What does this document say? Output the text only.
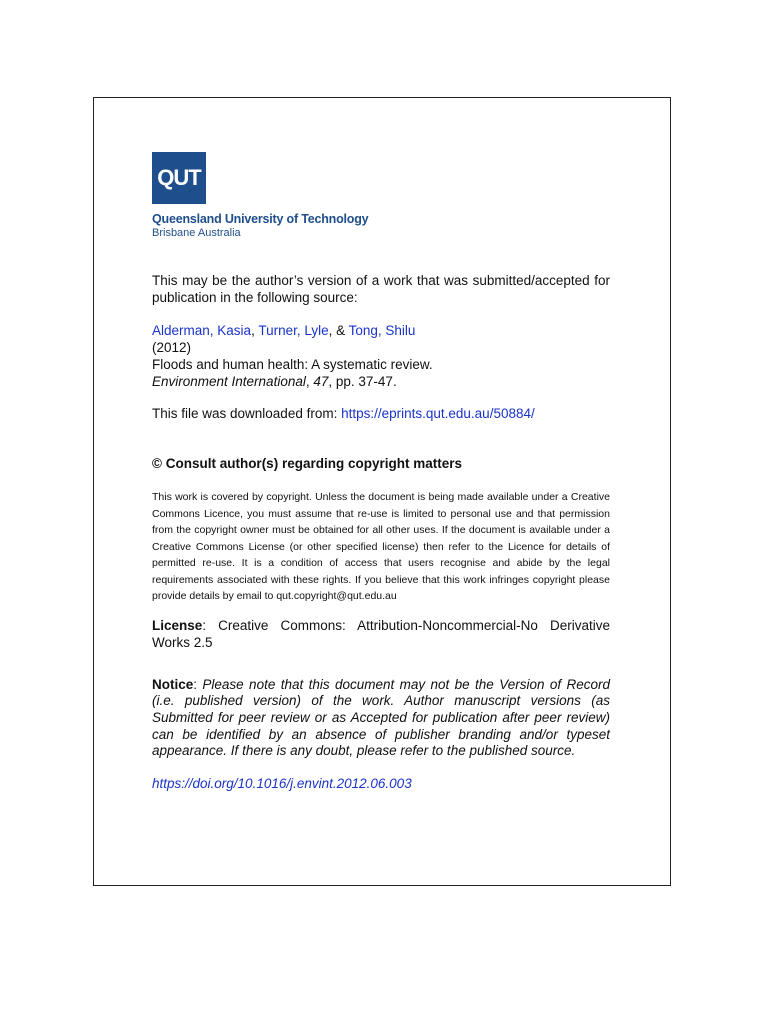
QUT
Queensland University of Technology
Brisbane Australia

This may be the author’s version of a work that was submitted/accepted for publication in the following source:

Alderman, Kasia, Turner, Lyle, & Tong, Shilu
(2012)
Floods and human health: A systematic review.
Environment International, 47, pp. 37-47.

This file was downloaded from: https://eprints.qut.edu.au/50884/

© Consult author(s) regarding copyright matters

This work is covered by copyright. Unless the document is being made available under a Creative Commons Licence, you must assume that re-use is limited to personal use and that permission from the copyright owner must be obtained for all other uses. If the document is available under a Creative Commons License (or other specified license) then refer to the Licence for details of permitted re-use. It is a condition of access that users recognise and abide by the legal requirements associated with these rights. If you believe that this work infringes copyright please provide details by email to qut.copyright@qut.edu.au

License: Creative Commons: Attribution-Noncommercial-No Derivative Works 2.5

Notice: Please note that this document may not be the Version of Record (i.e. published version) of the work. Author manuscript versions (as Submitted for peer review or as Accepted for publication after peer review) can be identified by an absence of publisher branding and/or typeset appearance. If there is any doubt, please refer to the published source.

https://doi.org/10.1016/j.envint.2012.06.003
